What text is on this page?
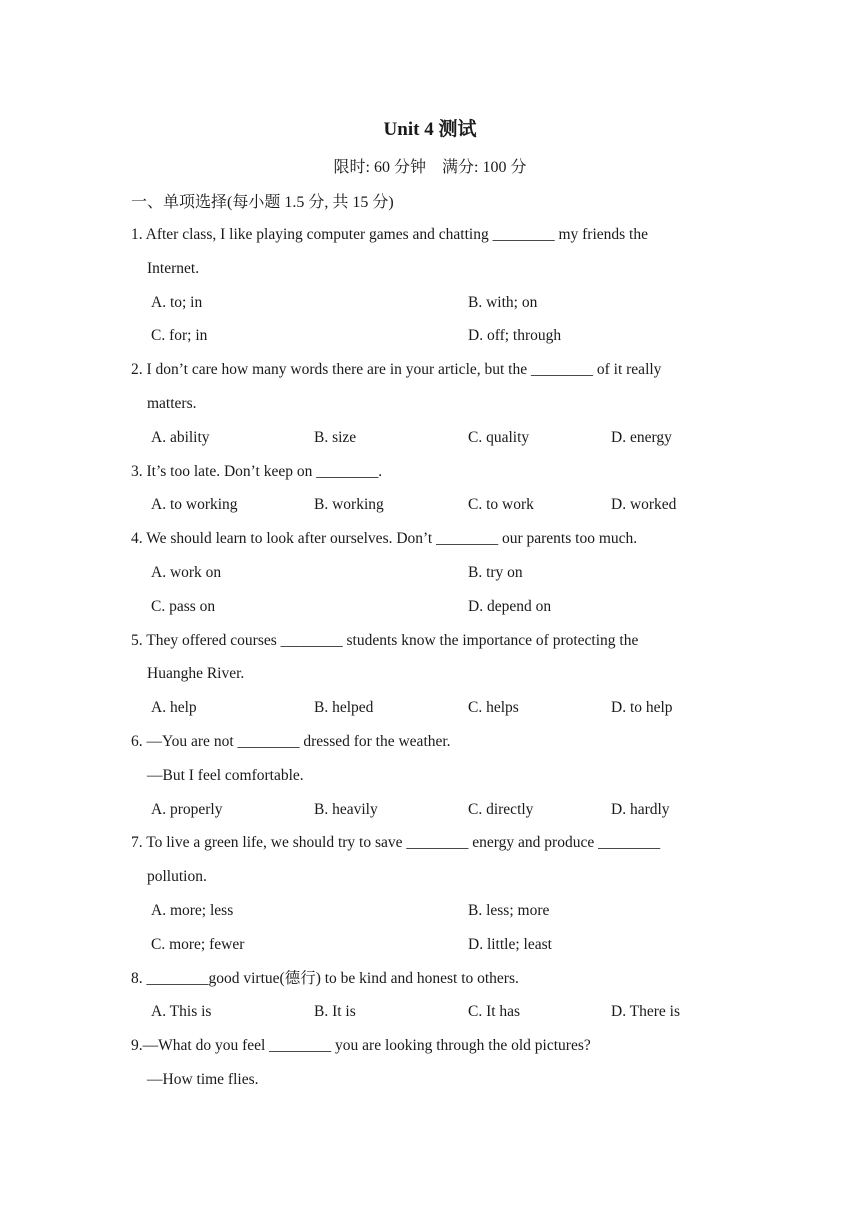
Unit 4 测试
限时: 60 分钟    满分: 100 分
一、单项选择(每小题 1.5 分, 共 15 分)
1. After class, I like playing computer games and chatting ________ my friends the
Internet.
A. to; in	B. with; on
C. for; in	D. off; through
2. I don’t care how many words there are in your article, but the ________ of it really
matters.
A. ability	B. size	C. quality	D. energy
3. It’s too late. Don’t keep on ________.
A. to working	B. working	C. to work	D. worked
4. We should learn to look after ourselves. Don’t ________ our parents too much.
A. work on	B. try on
C. pass on	D. depend on
5. They offered courses ________ students know the importance of protecting the
Huanghe River.
A. help	B. helped	C. helps	D. to help
6. —You are not ________ dressed for the weather.
—But I feel comfortable.
A. properly	B. heavily	C. directly	D. hardly
7. To live a green life, we should try to save ________ energy and produce ________
pollution.
A. more; less	B. less; more
C. more; fewer	D. little; least
8. ________good virtue(德行) to be kind and honest to others.
A. This is	B. It is	C. It has	D. There is
9.—What do you feel ________ you are looking through the old pictures?
—How time flies.
